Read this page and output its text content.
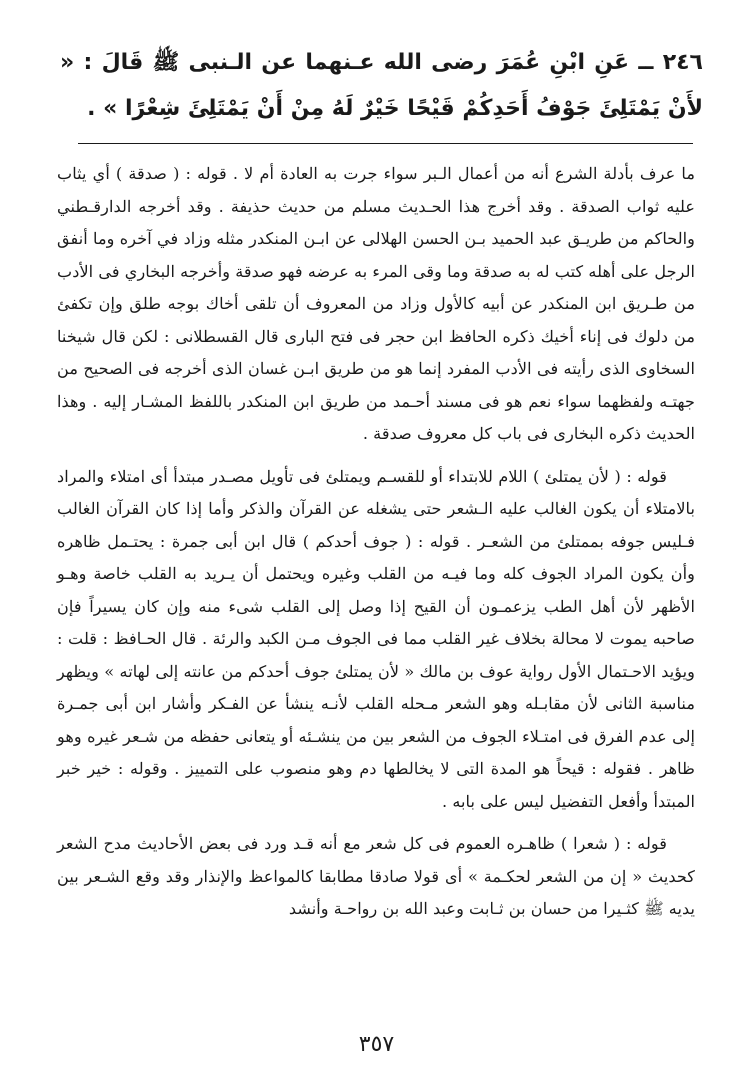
٢٤٦ ــ عَنِ ابْنِ عُمَرَ رضى الله عـنهما عن الـنبى ﷺ قَالَ : « لأَنْ يَمْتَلِئَ جَوْفُ أَحَدِكُمْ قَيْحًا خَيْرٌ لَهُ مِنْ أَنْ يَمْتَلِئَ شِعْرًا » .

ما عرف بأدلة الشرع أنه من أعمال الـبر سواء جرت به العادة أم لا . قوله : ( صدقة ) أي يثاب عليه ثواب الصدقة . وقد أخرج هذا الحـديث مسلم من حديث حذيفة . وقد أخرجه الدارقـطني والحاكم من طريـق عبد الحميد بـن الحسن الهلالى عن ابـن المنكدر مثله وزاد في آخره وما أنفق الرجل على أهله كتب له به صدقة وما وقى المرء به عرضه فهو صدقة وأخرجه البخاري فى الأدب من طـريق ابن المنكدر عن أبيه كالأول وزاد من المعروف أن تلقى أخاك بوجه طلق وإن تكفئ من دلوك فى إناء أخيك ذكره الحافظ ابن حجر فى فتح البارى قال القسطلانى : لكن قال شيخنا السخاوى الذى رأيته فى الأدب المفرد إنما هو من طريق ابـن غسان الذى أخرجه فى الصحيح من جهتـه ولفظهما سواء نعم هو فى مسند أحـمد من طريق ابن المنكدر باللفظ المشـار إليه . وهذا الحديث ذكره البخارى فى باب كل معروف صدقة .

قوله : ( لأن يمتلئ ) اللام للابتداء أو للقسـم ويمتلئ فى تأويل مصـدر مبتدأ أى امتلاء والمراد بالامتلاء أن يكون الغالب عليه الـشعر حتى يشغله عن القرآن والذكر وأما إذا كان القرآن الغالب فـليس جوفه بممتلئ من الشعـر . قوله : ( جوف أحدكم ) قال ابن أبى جمرة : يحتـمل ظاهره وأن يكون المراد الجوف كله وما فيـه من القلب وغيره ويحتمل أن يـريد به القلب خاصة وهـو الأظهر لأن أهل الطب يزعمـون أن القيح إذا وصل إلى القلب شىء منه وإن كان يسيراً فإن صاحبه يموت لا محالة بخلاف غير القلب مما فى الجوف مـن الكبد والرئة . قال الحـافظ : قلت : ويؤيد الاحـتمال الأول رواية عوف بن مالك « لأن يمتلئ جوف أحدكم من عانته إلى لهاته » ويظهر مناسبة الثانى لأن مقابـله وهو الشعر مـحله القلب لأنـه ينشأ عن الفـكر وأشار ابن أبى جمـرة إلى عدم الفرق فى امتـلاء الجوف من الشعر بين من ينشـئه أو يتعانى حفظه من شـعر غيره وهو ظاهر . فقوله : قيحاً هو المدة التى لا يخالطها دم وهو منصوب على التمييز . وقوله : خير خبر المبتدأ وأفعل التفضيل ليس على بابه .

قوله : ( شعرا ) ظاهـره العموم فى كل شعر مع أنه قـد ورد فى بعض الأحاديث مدح الشعر كحديث « إن من الشعر لحكـمة » أى قولا صادقا مطابقا كالمواعظ والإنذار وقد وقع الشـعر بين يديه ﷺ كثـيرا من حسان بن ثـابت وعبد الله بن رواحـة وأنشد

٣٥٧
